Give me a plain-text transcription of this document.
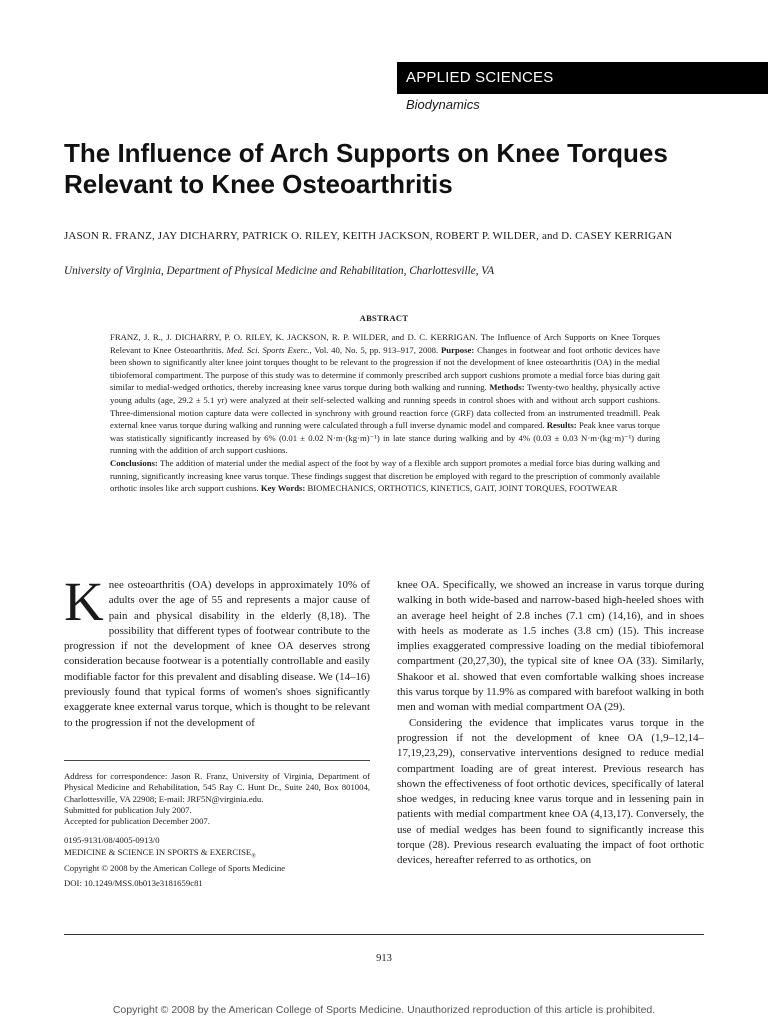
APPLIED SCIENCES
Biodynamics
The Influence of Arch Supports on Knee Torques Relevant to Knee Osteoarthritis
JASON R. FRANZ, JAY DICHARRY, PATRICK O. RILEY, KEITH JACKSON, ROBERT P. WILDER, and D. CASEY KERRIGAN
University of Virginia, Department of Physical Medicine and Rehabilitation, Charlottesville, VA
ABSTRACT
FRANZ, J. R., J. DICHARRY, P. O. RILEY, K. JACKSON, R. P. WILDER, and D. C. KERRIGAN. The Influence of Arch Supports on Knee Torques Relevant to Knee Osteoarthritis. Med. Sci. Sports Exerc., Vol. 40, No. 5, pp. 913–917, 2008. Purpose: Changes in footwear and foot orthotic devices have been shown to significantly alter knee joint torques thought to be relevant to the progression if not the development of knee osteoarthritis (OA) in the medial tibiofemoral compartment. The purpose of this study was to determine if commonly prescribed arch support cushions promote a medial force bias during gait similar to medial-wedged orthotics, thereby increasing knee varus torque during both walking and running. Methods: Twenty-two healthy, physically active young adults (age, 29.2 ± 5.1 yr) were analyzed at their self-selected walking and running speeds in control shoes with and without arch support cushions. Three-dimensional motion capture data were collected in synchrony with ground reaction force (GRF) data collected from an instrumented treadmill. Peak external knee varus torque during walking and running were calculated through a full inverse dynamic model and compared. Results: Peak knee varus torque was statistically significantly increased by 6% (0.01 ± 0.02 N·m·(kg·m)⁻¹) in late stance during walking and by 4% (0.03 ± 0.03 N·m·(kg·m)⁻¹) during running with the addition of arch support cushions.
Conclusions: The addition of material under the medial aspect of the foot by way of a flexible arch support promotes a medial force bias during walking and running, significantly increasing knee varus torque. These findings suggest that discretion be employed with regard to the prescription of commonly available orthotic insoles like arch support cushions. Key Words: BIOMECHANICS, ORTHOTICS, KINETICS, GAIT, JOINT TORQUES, FOOTWEAR
K nee osteoarthritis (OA) develops in approximately 10% of adults over the age of 55 and represents a major cause of pain and physical disability in the elderly (8,18). The possibility that different types of footwear contribute to the progression if not the development of knee OA deserves strong consideration because footwear is a potentially controllable and easily modifiable factor for this prevalent and disabling disease. We (14–16) previously found that typical forms of women's shoes significantly exaggerate knee external varus torque, which is thought to be relevant to the progression if not the development of

knee OA. Specifically, we showed an increase in varus torque during walking in both wide-based and narrow-based high-heeled shoes with an average heel height of 2.8 inches (7.1 cm) (14,16), and in shoes with heels as moderate as 1.5 inches (3.8 cm) (15). This increase implies exaggerated compressive loading on the medial tibiofemoral compartment (20,27,30), the typical site of knee OA (33). Similarly, Shakoor et al. showed that even comfortable walking shoes increase this varus torque by 11.9% as compared with barefoot walking in both men and woman with medial compartment OA (29).

Considering the evidence that implicates varus torque in the progression if not the development of knee OA (1,9–12,14–17,19,23,29), conservative interventions designed to reduce medial compartment loading are of great interest. Previous research has shown the effectiveness of foot orthotic devices, specifically of lateral shoe wedges, in reducing knee varus torque and in lessening pain in patients with medial compartment knee OA (4,13,17). Conversely, the use of medial wedges has been found to significantly increase this torque (28). Previous research evaluating the impact of foot orthotic devices, hereafter referred to as orthotics, on

Address for correspondence: Jason R. Franz, University of Virginia, Department of Physical Medicine and Rehabilitation, 545 Ray C. Hunt Dr., Suite 240, Box 801004, Charlottesville, VA 22908; E-mail: JRF5N@virginia.edu.
Submitted for publication July 2007.
Accepted for publication December 2007.
0195-9131/08/4005-0913/0
MEDICINE & SCIENCE IN SPORTS & $EXERCISE_®$
Copyright © 2008 by the American College of Sports Medicine
DOI: 10.1249/MSS.0b013e3181659c81
913
Copyright © 2008 by the American College of Sports Medicine. Unauthorized reproduction of this article is prohibited.
